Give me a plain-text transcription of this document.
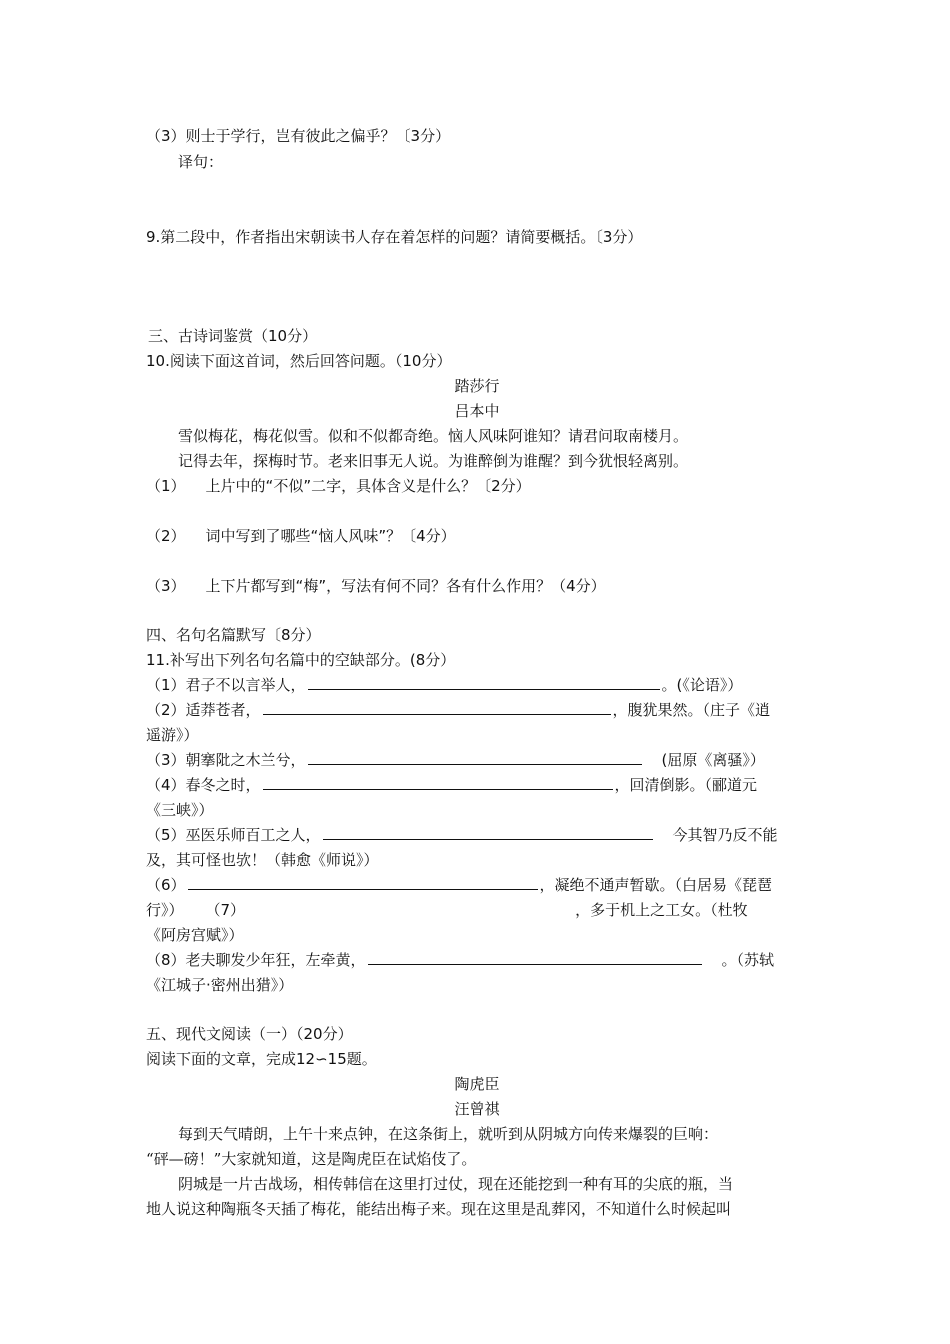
（3）则士于学行，岂有彼此之偏乎？〔3分）
译句：
9.第二段中，作者指出宋朝读书人存在着怎样的问题？请简要概括。〔3分）
三、古诗词鉴赏（10分）
10.阅读下面这首词，然后回答问题。（10分）
踏莎行
吕本中
雪似梅花，梅花似雪。似和不似都奇绝。恼人风味阿谁知？请君问取南楼月。
记得去年，探梅时节。老来旧事无人说。为谁醉倒为谁醒？到今犹恨轻离别。
（1） 上片中的“不似”二字，具体含义是什么？〔2分）
（2） 词中写到了哪些“恼人风味”？〔4分）
（3） 上下片都写到“梅”，写法有何不同？各有什么作用？（4分）
四、名句名篇默写〔8分）
11.补写出下列名句名篇中的空缺部分。(8分）
（1）君子不以言举人，	。(《论语》）
（2）适莽苍者，	，腹犹果然。（庄子《逍
遥游》）
（3）朝搴阰之木兰兮，	(屈原《离骚》）
（4）春冬之时，	，回清倒影。（郦道元
《三峡》）
（5）巫医乐师百工之人，	今其智乃反不能
及，其可怪也欤！（韩愈《师说》）
（6）	，凝绝不通声暂歇。（白居易《琵琶
行》） （7）	，多于机上之工女。（杜牧
《阿房宫赋》）
（8）老夫聊发少年狂，左牵黄，	。（苏轼
《江城子·密州出猎》）
五、现代文阅读（一）（20分）
阅读下面的文章，完成12∽15题。
陶虎臣
汪曾祺
每到天气晴朗，上午十来点钟，在这条街上，就听到从阴城方向传来爆裂的巨响：
“砰—磅！”大家就知道，这是陶虎臣在试焰伎了。
阴城是一片古战场，相传韩信在这里打过仗，现在还能挖到一种有耳的尖底的瓶，当
地人说这种陶瓶冬天插了梅花，能结出梅子来。现在这里是乱葬冈，不知道什么时候起叫
